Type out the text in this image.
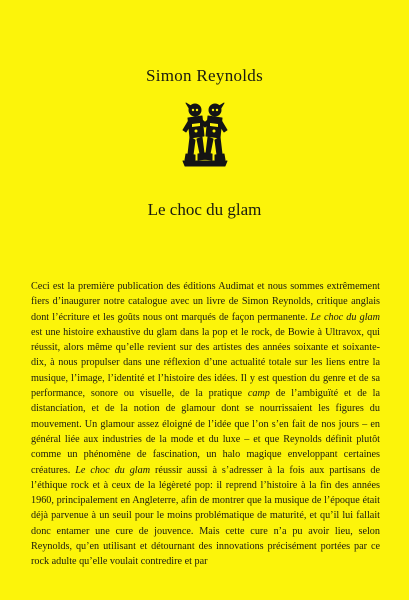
Simon Reynolds
Le choc du glam

Ceci est la première publication des éditions Audimat et nous sommes extrêmement fiers d’inaugurer notre catalogue avec un livre de Simon Reynolds, critique anglais dont l’écriture et les goûts nous ont marqués de façon permanente. Le choc du glam est une histoire exhaustive du glam dans la pop et le rock, de Bowie à Ultravox, qui réussit, alors même qu’elle revient sur des artistes des années soixante et soixante-dix, à nous propulser dans une réflexion d’une actualité totale sur les liens entre la musique, l’image, l’identité et l’histoire des idées. Il y est question du genre et de sa performance, sonore ou visuelle, de la pratique camp de l’ambiguïté et de la distanciation, et de la notion de glamour dont se nourrissaient les figures du mouvement. Un glamour assez éloigné de l’idée que l’on s’en fait de nos jours – en général liée aux industries de la mode et du luxe – et que Reynolds définit plutôt comme un phénomène de fascination, un halo magique enveloppant certaines créatures. Le choc du glam réussir aussi à s’adresser à la fois aux partisans de l’éthique rock et à ceux de la légèreté pop: il reprend l’histoire à la fin des années 1960, principalement en Angleterre, afin de montrer que la musique de l’époque était déjà parvenue à un seuil pour le moins problématique de maturité, et qu’il lui fallait donc entamer une cure de jouvence. Mais cette cure n’a pu avoir lieu, selon Reynolds, qu’en utilisant et détournant des innovations précisément portées par ce rock adulte qu’elle voulait contredire et par
